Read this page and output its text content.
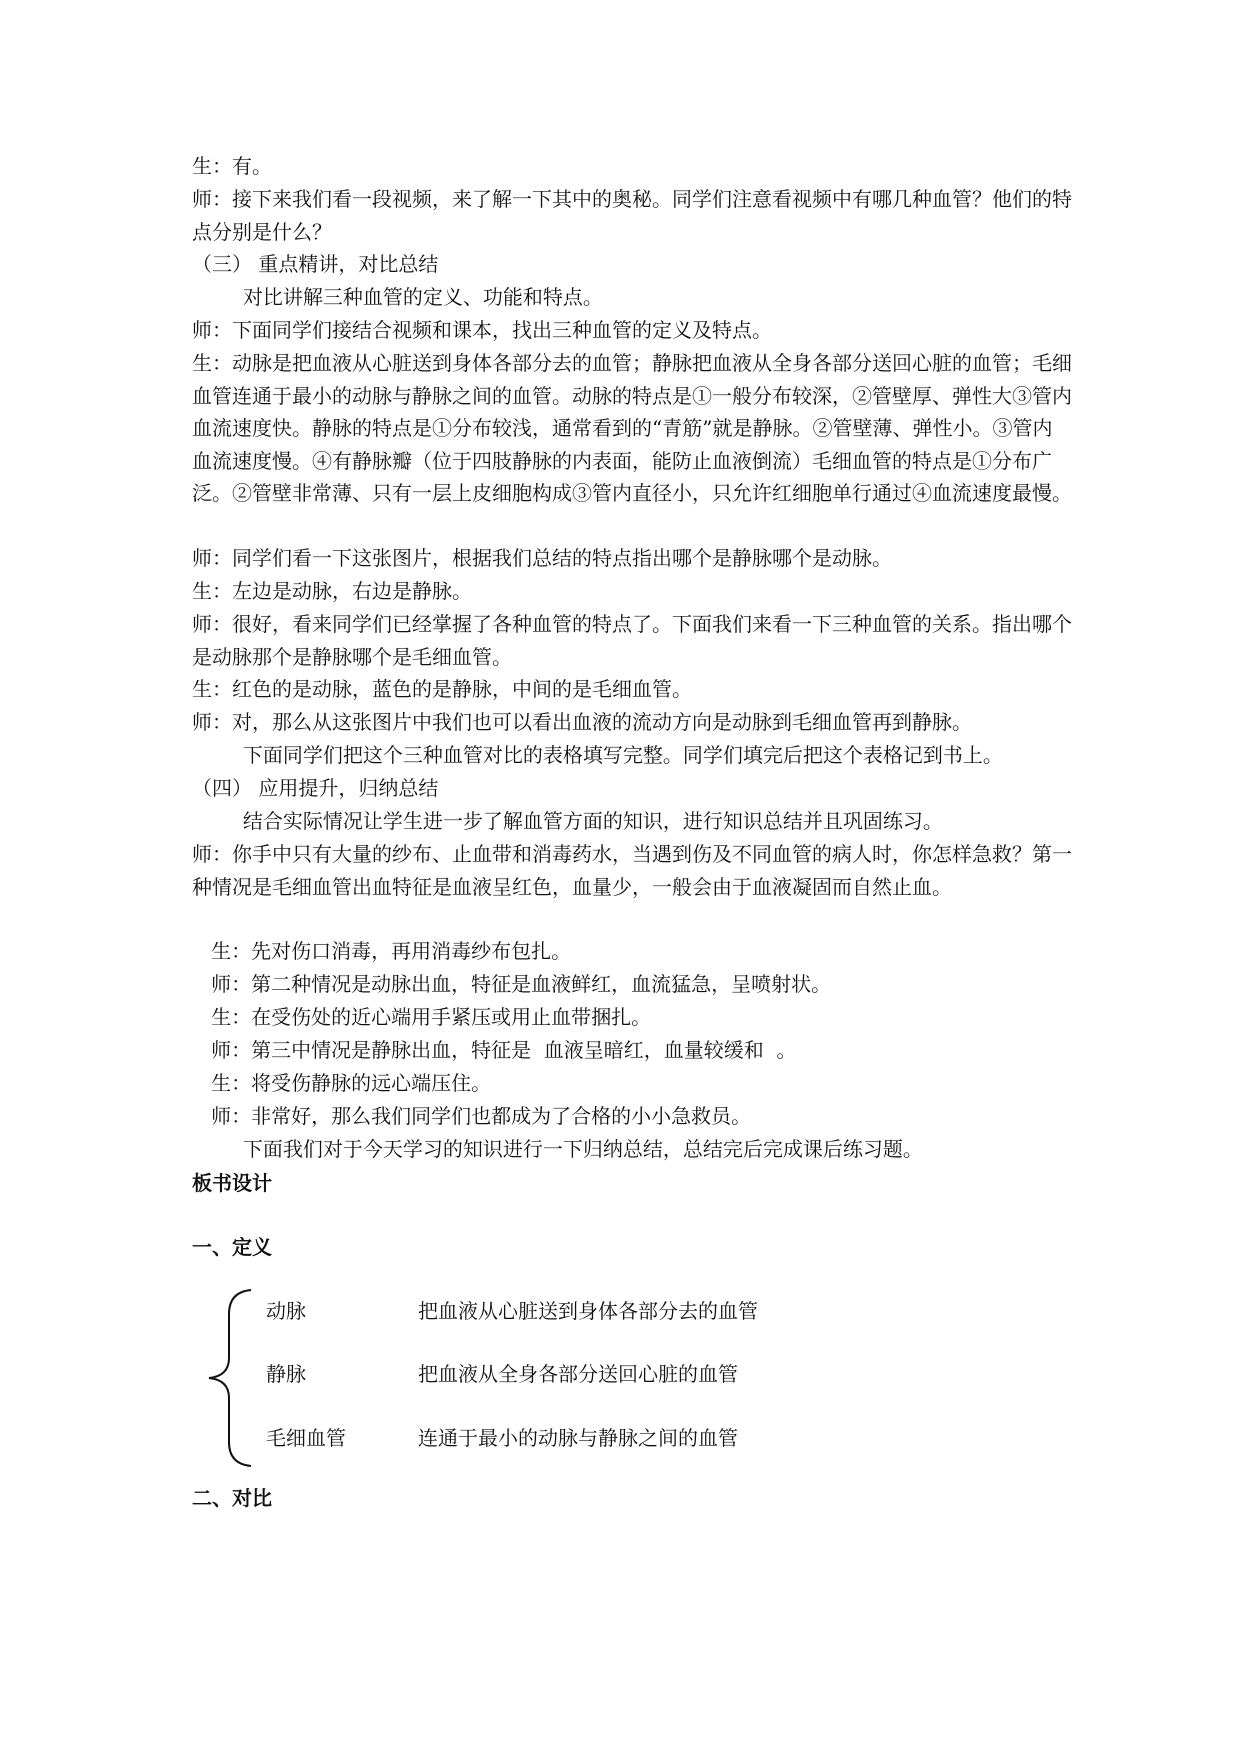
生：有。

师：接下来我们看一段视频，来了解一下其中的奥秘。同学们注意看视频中有哪几种血管？他们的特点分别是什么？

（三） 重点精讲，对比总结

对比讲解三种血管的定义、功能和特点。

师：下面同学们接结合视频和课本，找出三种血管的定义及特点。

生：动脉是把血液从心脏送到身体各部分去的血管；静脉把血液从全身各部分送回心脏的血管；毛细血管连通于最小的动脉与静脉之间的血管。动脉的特点是①一般分布较深，②管壁厚、弹性大③管内血流速度快。静脉的特点是①分布较浅，通常看到的“青筋”就是静脉。②管壁薄、弹性小。③管内血流速度慢。④有静脉瓣（位于四肢静脉的内表面，能防止血液倒流）毛细血管的特点是①分布广泛。②管壁非常薄、只有一层上皮细胞构成③管内直径小，只允许红细胞单行通过④血流速度最慢。

师：同学们看一下这张图片，根据我们总结的特点指出哪个是静脉哪个是动脉。

生：左边是动脉，右边是静脉。

师：很好，看来同学们已经掌握了各种血管的特点了。下面我们来看一下三种血管的关系。指出哪个是动脉那个是静脉哪个是毛细血管。

生：红色的是动脉，蓝色的是静脉，中间的是毛细血管。

师：对，那么从这张图片中我们也可以看出血液的流动方向是动脉到毛细血管再到静脉。

下面同学们把这个三种血管对比的表格填写完整。同学们填完后把这个表格记到书上。

（四） 应用提升，归纳总结

结合实际情况让学生进一步了解血管方面的知识，进行知识总结并且巩固练习。

师：你手中只有大量的纱布、止血带和消毒药水，当遇到伤及不同血管的病人时，你怎样急救？第一种情况是毛细血管出血特征是血液呈红色，血量少，一般会由于血液凝固而自然止血。

生：先对伤口消毒，再用消毒纱布包扎。

师：第二种情况是动脉出血，特征是血液鲜红，血流猛急，呈喷射状。

生：在受伤处的近心端用手紧压或用止血带捆扎。

师：第三中情况是静脉出血，特征是  血液呈暗红，血量较缓和  。

生：将受伤静脉的远心端压住。

师：非常好，那么我们同学们也都成为了合格的小小急救员。

下面我们对于今天学习的知识进行一下归纳总结，总结完后完成课后练习题。

板书设计

一、定义

动脉	把血液从心脏送到身体各部分去的血管
静脉	把血液从全身各部分送回心脏的血管
毛细血管	连通于最小的动脉与静脉之间的血管

二、对比
